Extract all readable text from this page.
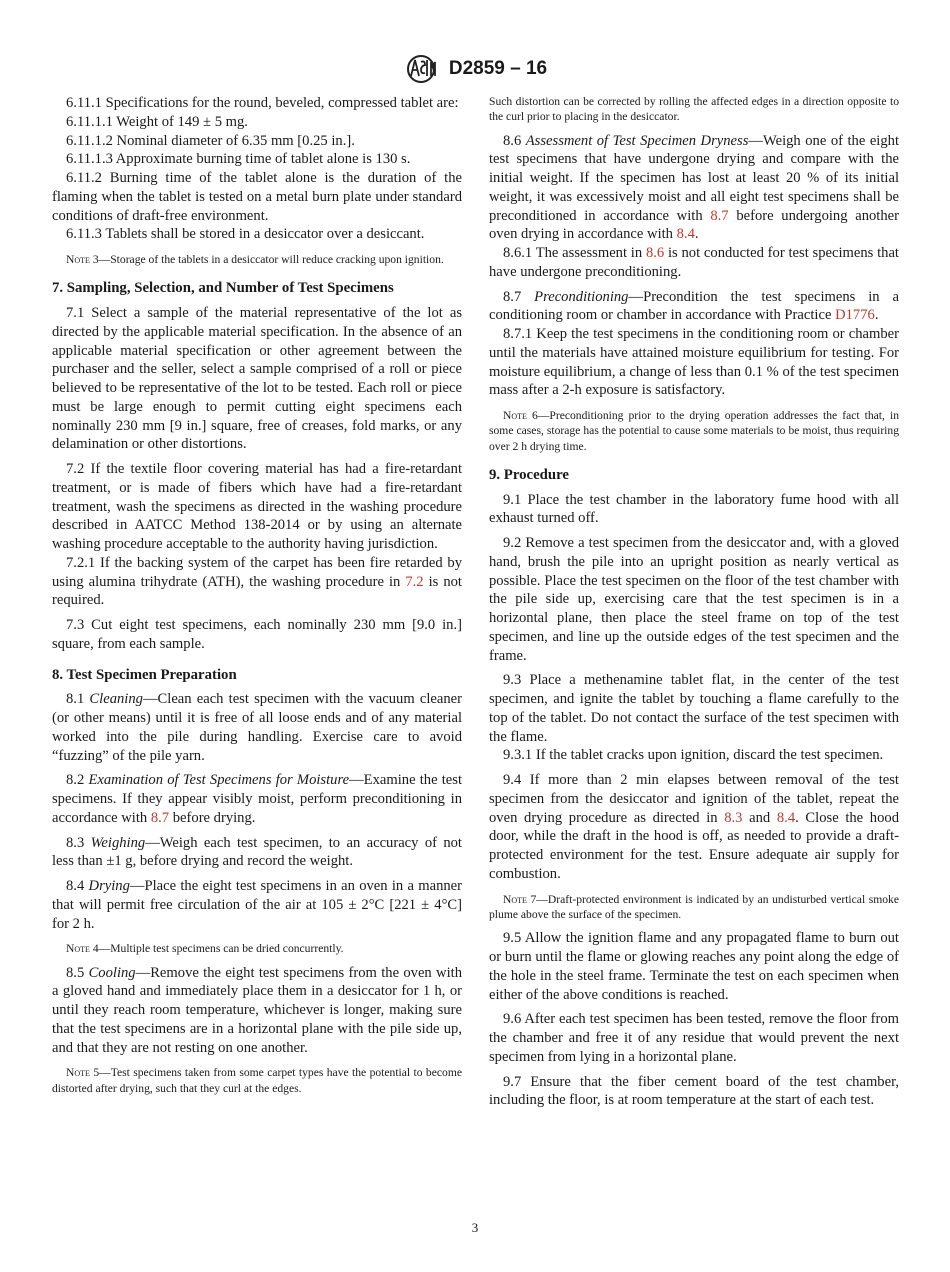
D2859 – 16
6.11.1 Specifications for the round, beveled, compressed tablet are:
6.11.1.1 Weight of 149 ± 5 mg.
6.11.1.2 Nominal diameter of 6.35 mm [0.25 in.].
6.11.1.3 Approximate burning time of tablet alone is 130 s.
6.11.2 Burning time of the tablet alone is the duration of the flaming when the tablet is tested on a metal burn plate under standard conditions of draft-free environment.
6.11.3 Tablets shall be stored in a desiccator over a desiccant.
Note 3—Storage of the tablets in a desiccator will reduce cracking upon ignition.
7. Sampling, Selection, and Number of Test Specimens
7.1 Select a sample of the material representative of the lot as directed by the applicable material specification. In the absence of an applicable material specification or other agreement between the purchaser and the seller, select a sample comprised of a roll or piece believed to be representative of the lot to be tested. Each roll or piece must be large enough to permit cutting eight specimens each nominally 230 mm [9 in.] square, free of creases, fold marks, or any delamination or other distortions.
7.2 If the textile floor covering material has had a fire-retardant treatment, or is made of fibers which have had a fire-retardant treatment, wash the specimens as directed in the washing procedure described in AATCC Method 138-2014 or by using an alternate washing procedure acceptable to the authority having jurisdiction.
7.2.1 If the backing system of the carpet has been fire retarded by using alumina trihydrate (ATH), the washing procedure in 7.2 is not required.
7.3 Cut eight test specimens, each nominally 230 mm [9.0 in.] square, from each sample.
8. Test Specimen Preparation
8.1 Cleaning—Clean each test specimen with the vacuum cleaner (or other means) until it is free of all loose ends and of any material worked into the pile during handling. Exercise care to avoid “fuzzing” of the pile yarn.
8.2 Examination of Test Specimens for Moisture—Examine the test specimens. If they appear visibly moist, perform preconditioning in accordance with 8.7 before drying.
8.3 Weighing—Weigh each test specimen, to an accuracy of not less than ±1 g, before drying and record the weight.
8.4 Drying—Place the eight test specimens in an oven in a manner that will permit free circulation of the air at 105 ± 2°C [221 ± 4°C] for 2 h.
Note 4—Multiple test specimens can be dried concurrently.
8.5 Cooling—Remove the eight test specimens from the oven with a gloved hand and immediately place them in a desiccator for 1 h, or until they reach room temperature, whichever is longer, making sure that the test specimens are in a horizontal plane with the pile side up, and that they are not resting on one another.
Note 5—Test specimens taken from some carpet types have the potential to become distorted after drying, such that they curl at the edges.
Such distortion can be corrected by rolling the affected edges in a direction opposite to the curl prior to placing in the desiccator.
8.6 Assessment of Test Specimen Dryness—Weigh one of the eight test specimens that have undergone drying and compare with the initial weight. If the specimen has lost at least 20 % of its initial weight, it was excessively moist and all eight test specimens shall be preconditioned in accordance with 8.7 before undergoing another oven drying in accordance with 8.4.
8.6.1 The assessment in 8.6 is not conducted for test specimens that have undergone preconditioning.
8.7 Preconditioning—Precondition the test specimens in a conditioning room or chamber in accordance with Practice D1776.
8.7.1 Keep the test specimens in the conditioning room or chamber until the materials have attained moisture equilibrium for testing. For moisture equilibrium, a change of less than 0.1 % of the test specimen mass after a 2-h exposure is satisfactory.
Note 6—Preconditioning prior to the drying operation addresses the fact that, in some cases, storage has the potential to cause some materials to be moist, thus requiring over 2 h drying time.
9. Procedure
9.1 Place the test chamber in the laboratory fume hood with all exhaust turned off.
9.2 Remove a test specimen from the desiccator and, with a gloved hand, brush the pile into an upright position as nearly vertical as possible. Place the test specimen on the floor of the test chamber with the pile side up, exercising care that the test specimen is in a horizontal plane, then place the steel frame on top of the test specimen, and line up the outside edges of the test specimen and the frame.
9.3 Place a methenamine tablet flat, in the center of the test specimen, and ignite the tablet by touching a flame carefully to the top of the tablet. Do not contact the surface of the test specimen with the flame.
9.3.1 If the tablet cracks upon ignition, discard the test specimen.
9.4 If more than 2 min elapses between removal of the test specimen from the desiccator and ignition of the tablet, repeat the oven drying procedure as directed in 8.3 and 8.4. Close the hood door, while the draft in the hood is off, as needed to provide a draft-protected environment for the test. Ensure adequate air supply for combustion.
Note 7—Draft-protected environment is indicated by an undisturbed vertical smoke plume above the surface of the specimen.
9.5 Allow the ignition flame and any propagated flame to burn out or burn until the flame or glowing reaches any point along the edge of the hole in the steel frame. Terminate the test on each specimen when either of the above conditions is reached.
9.6 After each test specimen has been tested, remove the floor from the chamber and free it of any residue that would prevent the next specimen from lying in a horizontal plane.
9.7 Ensure that the fiber cement board of the test chamber, including the floor, is at room temperature at the start of each test.
3
